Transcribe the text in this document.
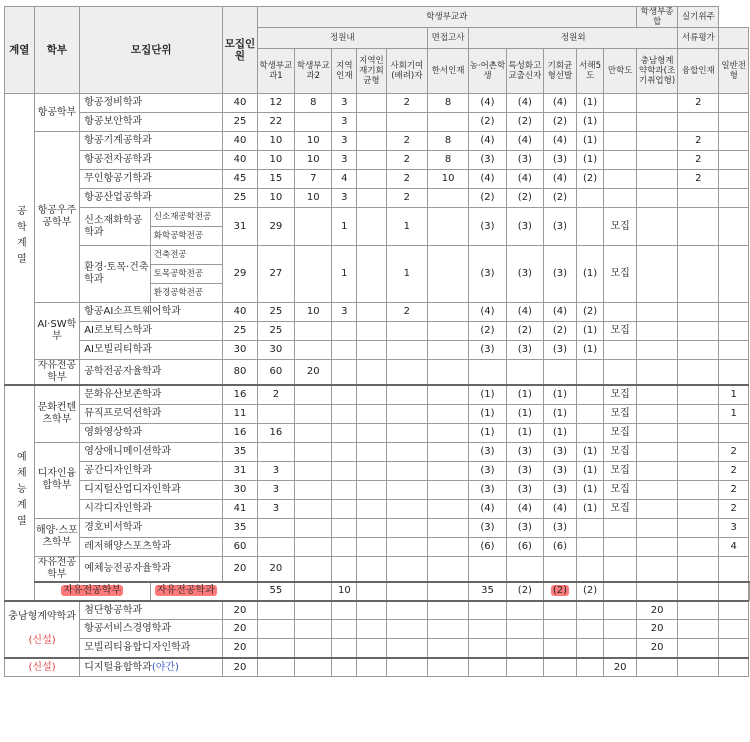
계열	학부	모집단위		모집인원	학생부교과											학생부종합	실기위주		
					정원내					면접고사	정원외						서류평가		
					학생부교과1	학생부교과2	지역인재	지역인재기회균형	사회기여(배려)자	한서인재	농·어촌학생	특성화고교출신자	기회균형선발	서해5도	만학도	충남형계약학과(조기취업형)	융합인재	일반전형	
공학계열	항공학부	항공정비학과		40	12	8	3		2	8	(4)	(4)	(4)	(1)			2		
		항공보안학과		25	22		3				(2)	(2)	(2)	(1)					
	항공우주공학부	항공기계공학과		40	10	10	3		2	8	(4)	(4)	(4)	(1)			2		
		항공전자공학과		40	10	10	3		2	8	(3)	(3)	(3)	(1)			2		
		무인항공기학과		45	15	7	4		2	10	(4)	(4)	(4)	(2)			2		
		항공산업공학과		25	10	10	3		2		(2)	(2)	(2)						
		신소재화학공학과	신소재공학전공	31	29		1		1		(3)	(3)	(3)		모집				
			화학공학전공																
		환경·토목·건축학과	건축전공	29	27		1		1		(3)	(3)	(3)	(1)	모집				
			토목공학전공																
			환경공학전공																
	AI·SW학부	항공AI소프트웨어학과		40	25	10	3		2		(4)	(4)	(4)	(2)					
		AI로보틱스학과		25	25						(2)	(2)	(2)	(1)	모집				
		AI모빌리티학과		30	30						(3)	(3)	(3)	(1)					
	자유전공학부	공학전공자율학과		80	60	20													
예체능계열	문화컨텐츠학부	문화유산보존학과		16	2						(1)	(1)	(1)		모집			1	
		뮤직프로덕션학과		11							(1)	(1)	(1)		모집			1	
		영화영상학과		16	16						(1)	(1)	(1)		모집				
	디자인융합학부	영상애니메이션학과		35							(3)	(3)	(3)	(1)	모집			2	
		공간디자인학과		31	3						(3)	(3)	(3)	(1)	모집			2	
		디지털산업디자인학과		30	3						(3)	(3)	(3)	(1)	모집			2	
		시각디자인학과		41	3						(4)	(4)	(4)	(1)	모집			2	
	해양·스포츠학부	경호비서학과		35							(3)	(3)	(3)					3	
		레저해양스포츠학과		60							(6)	(6)	(6)					4	
	자유전공학부	예체능전공자율학과		20	20														
	자유전공학부		자유전공학과		55		10				35	(2)	(2)	(2)					
충남형계약학과

(신설)		첨단항공학과		20												20			
		항공서비스경영학과		20												20			
		모빌리티융합디자인학과		20												20			
(신설)		디지털융합학과(야간)		20											20				
